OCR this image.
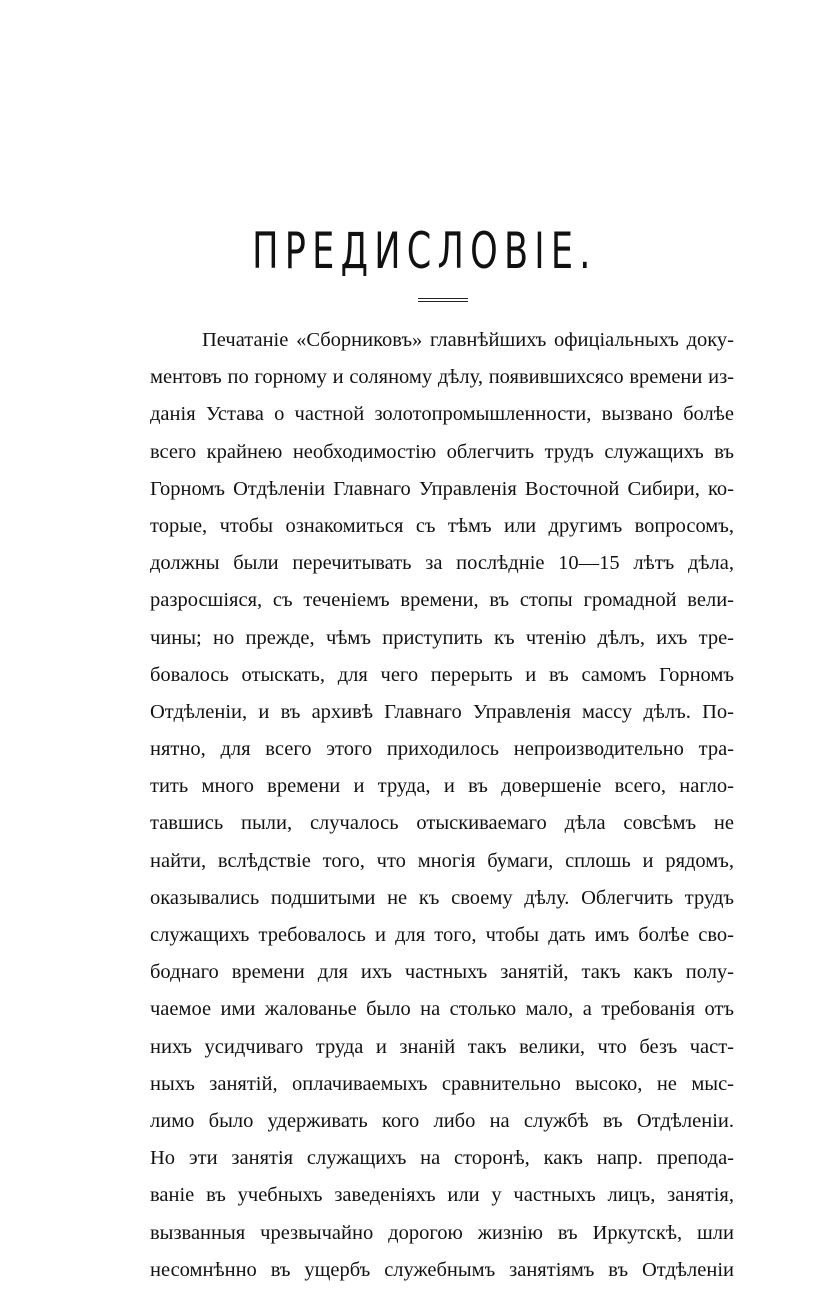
ПРЕДИСЛОВІЕ.
Печатаніе «Сборниковъ» главнѣйшихъ офиціальныхъ доку-
ментовъ по горному и соляному дѣлу, появившихсясо времени из-
данія Устава о частной золотопромышленности, вызвано болѣе
всего крайнею необходимостію облегчить трудъ служащихъ въ
Горномъ Отдѣленіи Главнаго Управленія Восточной Сибири, ко-
торые, чтобы ознакомиться съ тѣмъ или другимъ вопросомъ,
должны были перечитывать за послѣдніе 10—15 лѣтъ дѣла,
разросшіяся, съ теченіемъ времени, въ стопы громадной вели-
чины; но прежде, чѣмъ приступить къ чтенію дѣлъ, ихъ тре-
бовалось отыскать, для чего перерыть и въ самомъ Горномъ
Отдѣленіи, и въ архивѣ Главнаго Управленія массу дѣлъ. По-
нятно, для всего этого приходилось непроизводительно тра-
тить много времени и труда, и въ довершеніе всего, нагло-
тавшись пыли, случалось отыскиваемаго дѣла совсѣмъ не
найти, вслѣдствіе того, что многія бумаги, сплошь и рядомъ,
оказывались подшитыми не къ своему дѣлу. Облегчить трудъ
служащихъ требовалось и для того, чтобы дать имъ болѣе сво-
боднаго времени для ихъ частныхъ занятій, такъ какъ полу-
чаемое ими жалованье было на столько мало, а требованія отъ
нихъ усидчиваго труда и знаній такъ велики, что безъ част-
ныхъ занятій, оплачиваемыхъ сравнительно высоко, не мыс-
лимо было удерживать кого либо на службѣ въ Отдѣленіи.
Но эти занятія служащихъ на сторонѣ, какъ напр. препода-
ваніе въ учебныхъ заведеніяхъ или у частныхъ лицъ, занятія,
вызванныя чрезвычайно дорогою жизнію въ Иркутскѣ, шли
несомнѣнно въ ущербъ служебнымъ занятіямъ въ Отдѣленіи
